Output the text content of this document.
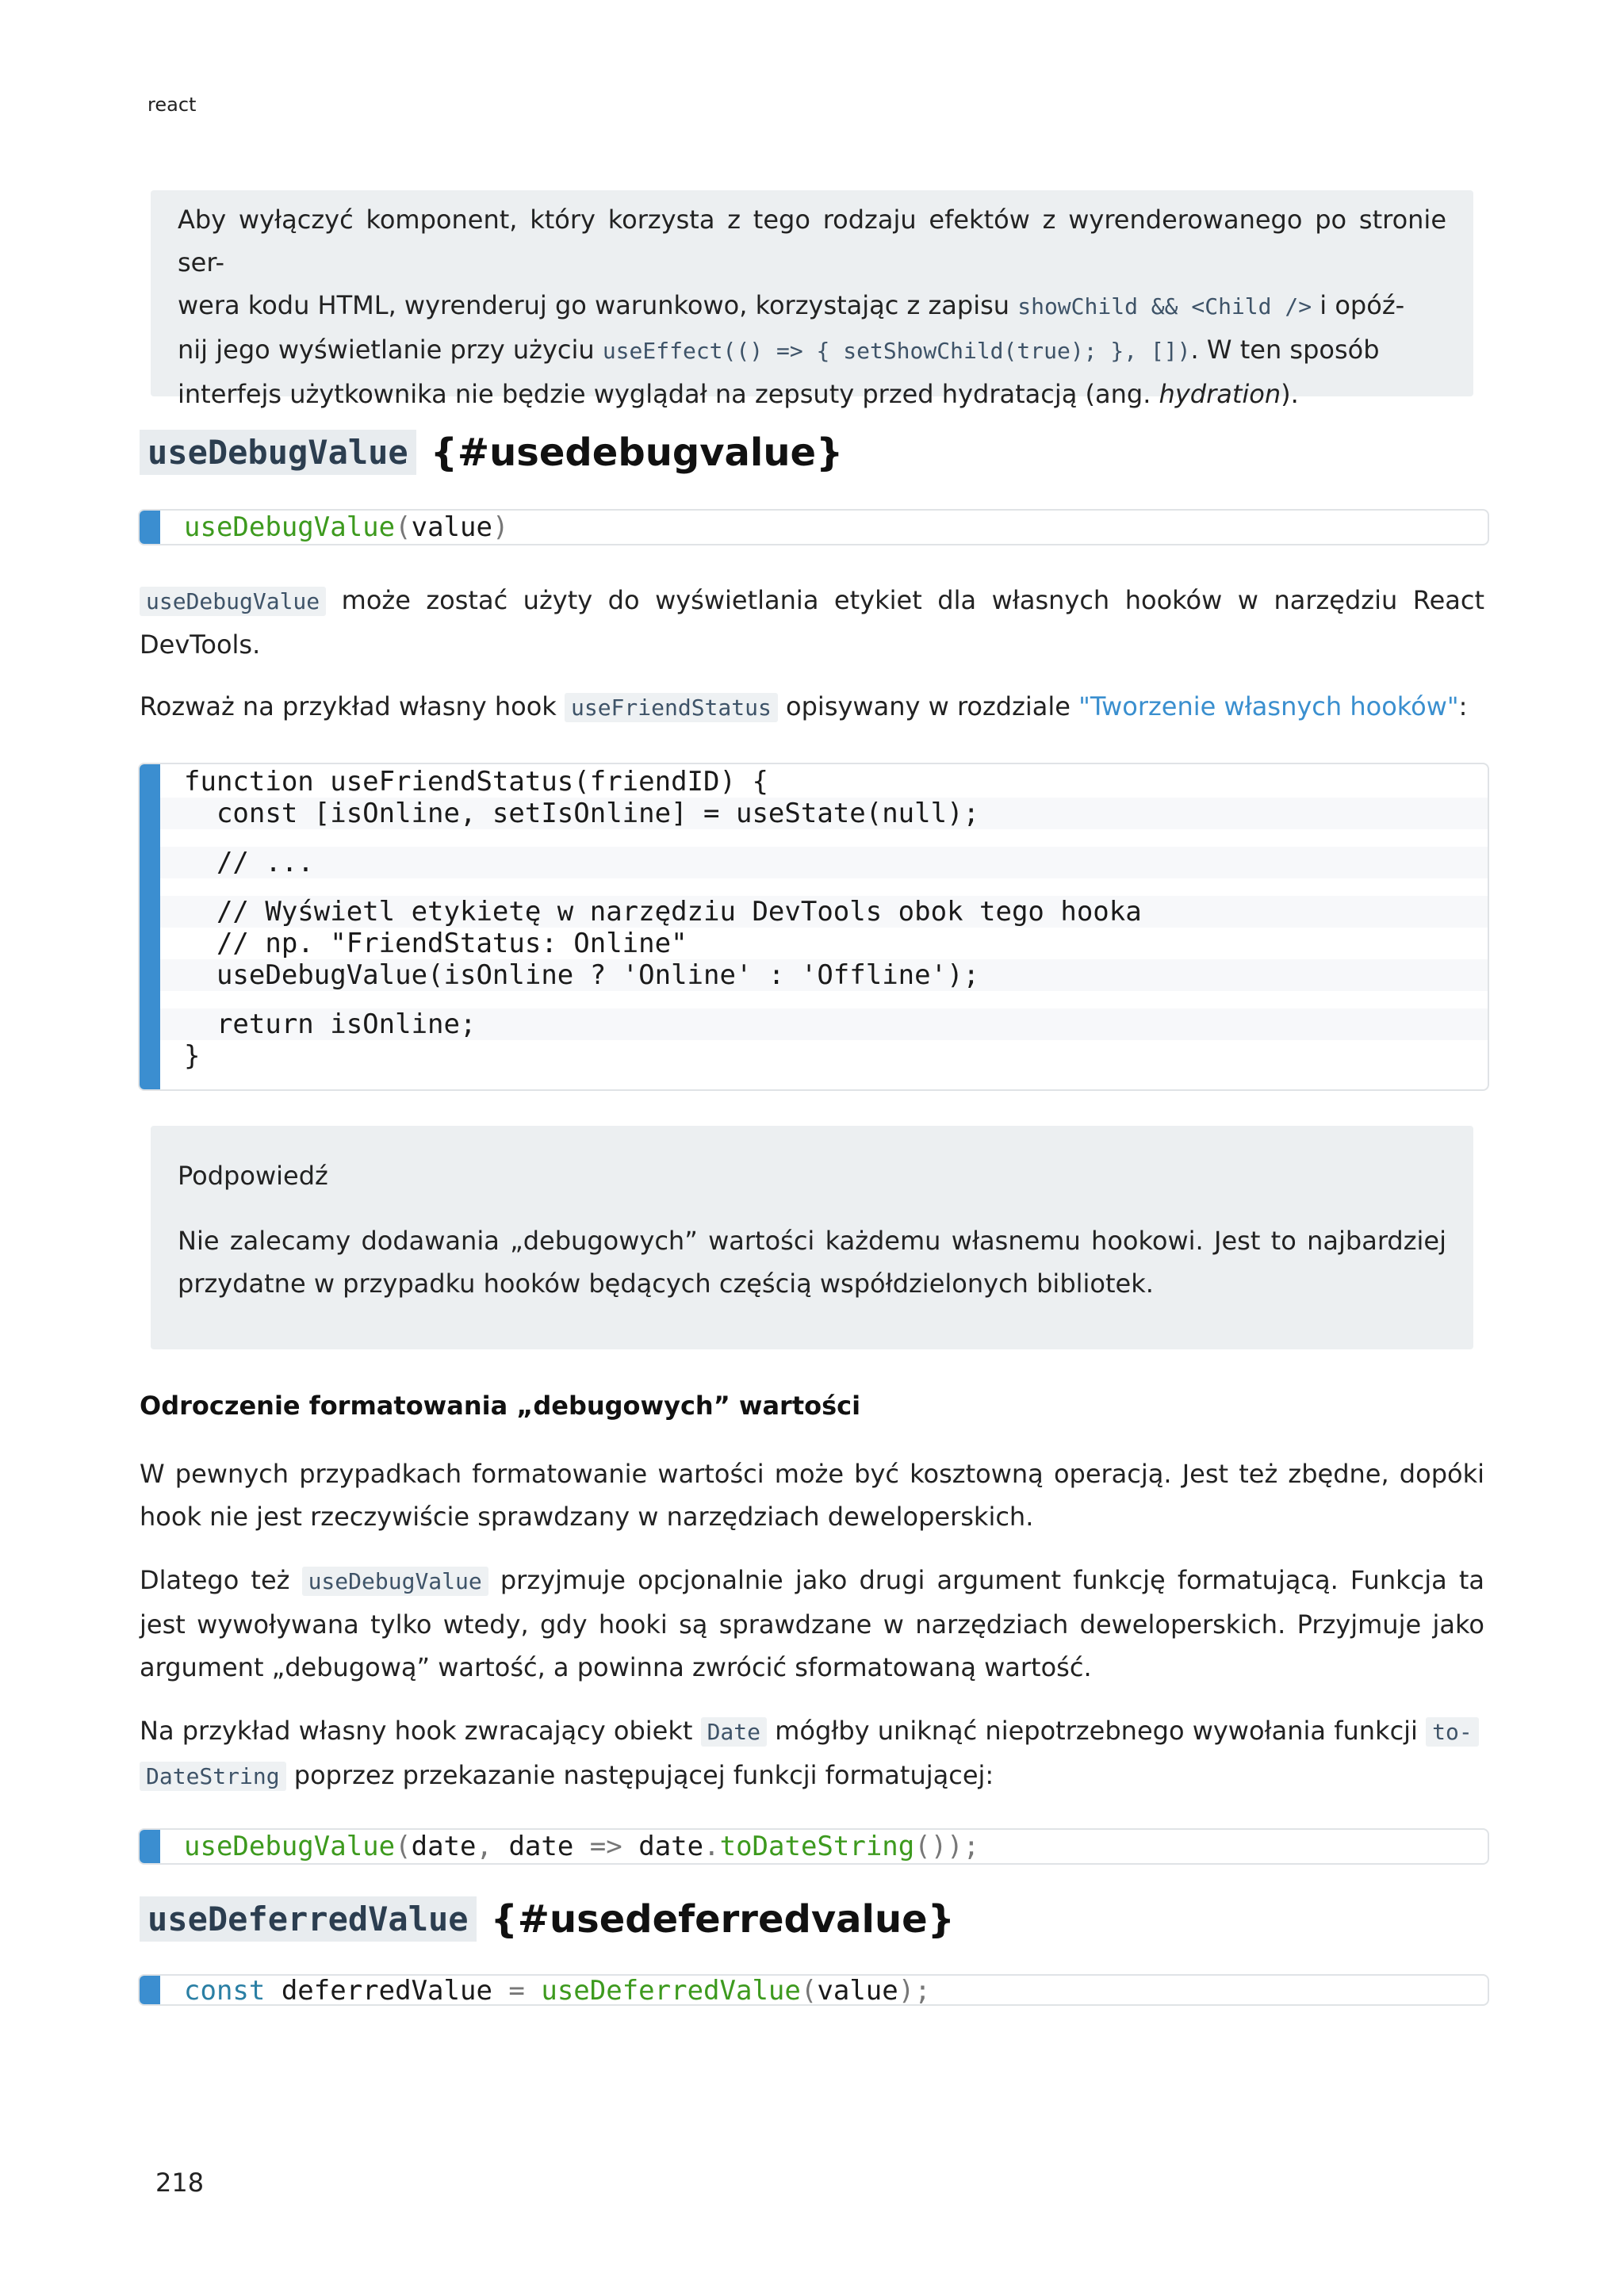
react

Aby wyłączyć komponent, który korzysta z tego rodzaju efektów z wyrenderowanego po stronie ser-

wera kodu HTML, wyrenderuj go warunkowo, korzystając z zapisu showChild && <Child /> i opóź-

nij jego wyświetlanie przy użyciu useEffect(() => { setShowChild(true); }, []). W ten sposób

interfejs użytkownika nie będzie wyglądał na zepsuty przed hydratacją (ang. hydration).

useDebugValue {#usedebugvalue}
useDebugValue(value)
useDebugValue może zostać użyty do wyświetlania etykiet dla własnych hooków w narzędziu React DevTools.
Rozważ na przykład własny hook useFriendStatus opisywany w rozdziale "Tworzenie własnych hooków":
function useFriendStatus(friendID) {
const [isOnline, setIsOnline] = useState(null);
// ...
// Wyświetl etykietę w narzędziu DevTools obok tego hooka
// np. "FriendStatus: Online"
useDebugValue(isOnline ? 'Online' : 'Offline');
return isOnline;
}

Podpowiedź

Nie zalecamy dodawania „debugowych” wartości każdemu własnemu hookowi. Jest to najbardziej przydatne w przypadku hooków będących częścią współdzielonych bibliotek.

Odroczenie formatowania „debugowych” wartości
W pewnych przypadkach formatowanie wartości może być kosztowną operacją. Jest też zbędne, dopóki hook nie jest rzeczywiście sprawdzany w narzędziach deweloperskich.
Dlatego też useDebugValue przyjmuje opcjonalnie jako drugi argument funkcję formatującą. Funkcja ta jest wywoływana tylko wtedy, gdy hooki są sprawdzane w narzędziach deweloperskich. Przyjmuje jako argument „debugową” wartość, a powinna zwrócić sformatowaną wartość.
Na przykład własny hook zwracający obiekt Date mógłby uniknąć niepotrzebnego wywołania funkcji to-
DateString poprzez przekazanie następującej funkcji formatującej:
useDebugValue(date, date => date.toDateString());
useDeferredValue {#usedeferredvalue}
const deferredValue = useDeferredValue(value);
218
